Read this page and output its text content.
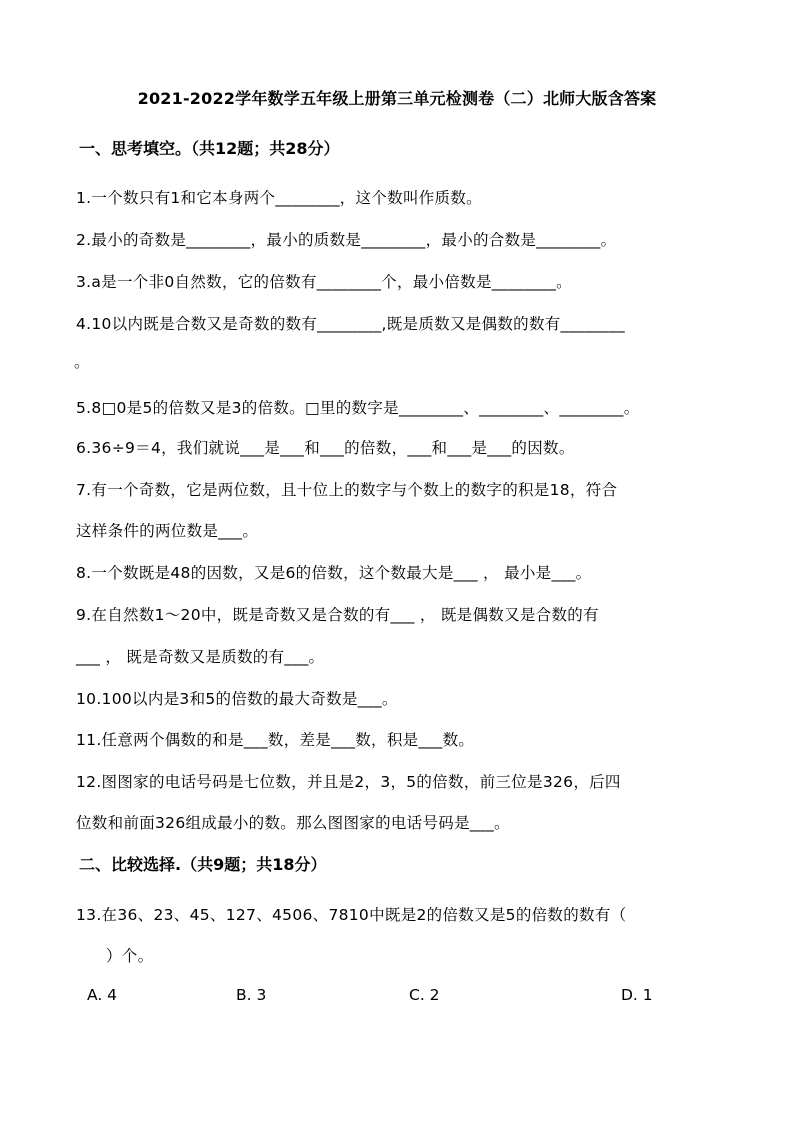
2021-2022学年数学五年级上册第三单元检测卷（二）北师大版含答案
一、思考填空。（共12题；共28分）
1.一个数只有1和它本身两个________，这个数叫作质数。
2.最小的奇数是________，最小的质数是________，最小的合数是________。
3.a是一个非0自然数，它的倍数有________个，最小倍数是________。
4.10以内既是合数又是奇数的数有________,既是质数又是偶数的数有________
。
5.8□0是5的倍数又是3的倍数。□里的数字是________、________、________。
6.36÷9＝4，我们就说___是___和___的倍数，___和___是___的因数。
7.有一个奇数，它是两位数，且十位上的数字与个数上的数字的积是18，符合
这样条件的两位数是___。
8.一个数既是48的因数，又是6的倍数，这个数最大是___ ， 最小是___。
9.在自然数1～20中，既是奇数又是合数的有___ ， 既是偶数又是合数的有
___ ， 既是奇数又是质数的有___。
10.100以内是3和5的倍数的最大奇数是___。
11.任意两个偶数的和是___数，差是___数，积是___数。
12.图图家的电话号码是七位数，并且是2，3，5的倍数，前三位是326，后四
位数和前面326组成最小的数。那么图图家的电话号码是___。
二、比较选择.（共9题；共18分）
13.在36、23、45、127、4506、7810中既是2的倍数又是5的倍数的数有（
）个。
A. 4	B. 3	C. 2	D. 1
